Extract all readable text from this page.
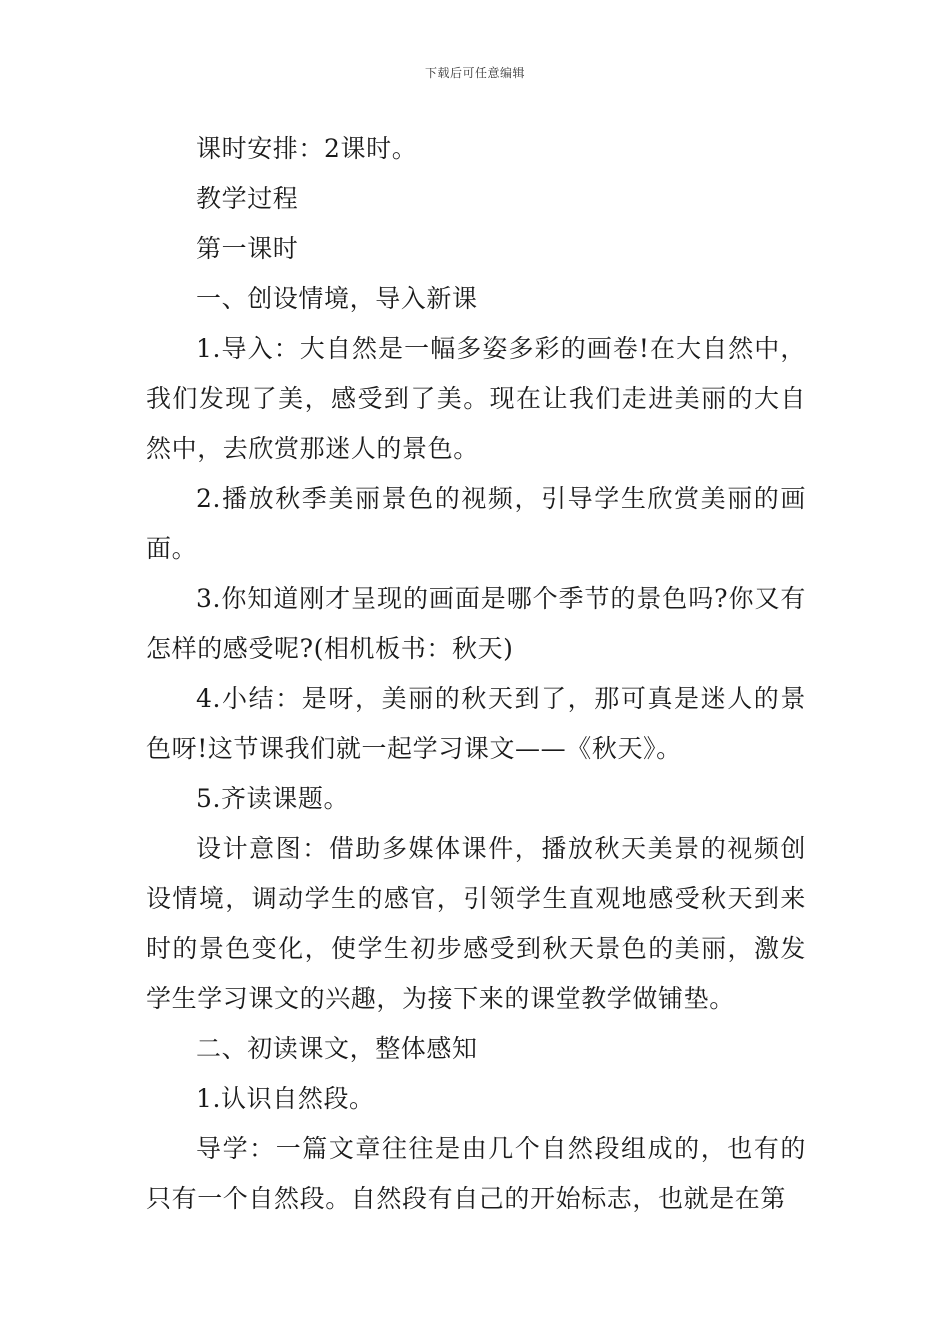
下载后可任意编辑

课时安排：2课时。

教学过程

第一课时

一、创设情境，导入新课

1.导入：大自然是一幅多姿多彩的画卷!在大自然中，我们发现了美，感受到了美。现在让我们走进美丽的大自然中，去欣赏那迷人的景色。

2.播放秋季美丽景色的视频，引导学生欣赏美丽的画面。

3.你知道刚才呈现的画面是哪个季节的景色吗?你又有怎样的感受呢?(相机板书：秋天)

4.小结：是呀，美丽的秋天到了，那可真是迷人的景色呀!这节课我们就一起学习课文——《秋天》。

5.齐读课题。

设计意图：借助多媒体课件，播放秋天美景的视频创设情境，调动学生的感官，引领学生直观地感受秋天到来时的景色变化，使学生初步感受到秋天景色的美丽，激发学生学习课文的兴趣，为接下来的课堂教学做铺垫。

二、初读课文，整体感知

1.认识自然段。

导学：一篇文章往往是由几个自然段组成的，也有的只有一个自然段。自然段有自己的开始标志，也就是在第
